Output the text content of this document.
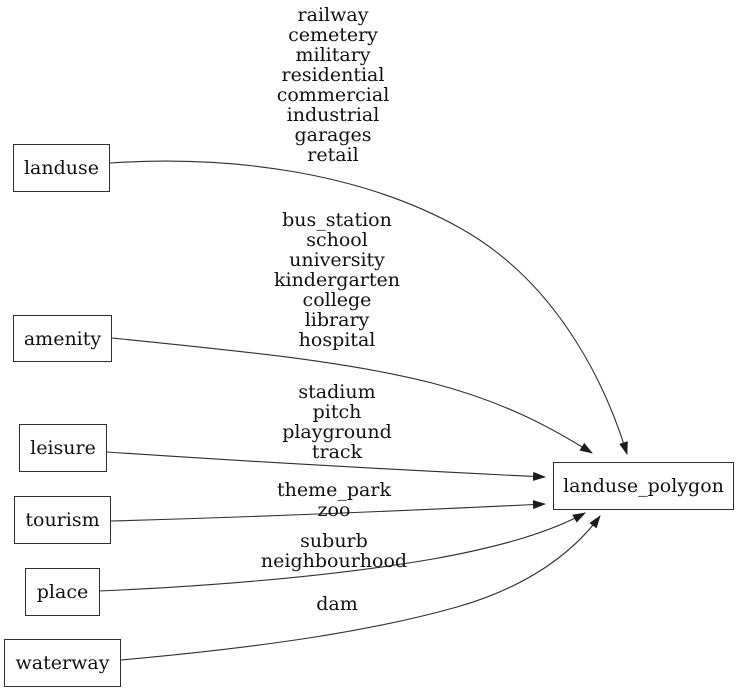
landuse
amenity
leisure
tourism
place
waterway
landuse_polygon
railway
cemetery
military
residential
commercial
industrial
garages
retail
bus_station
school
university
kindergarten
college
library
hospital
stadium
pitch
playground
track
theme_park
zoo
suburb
neighbourhood
dam
